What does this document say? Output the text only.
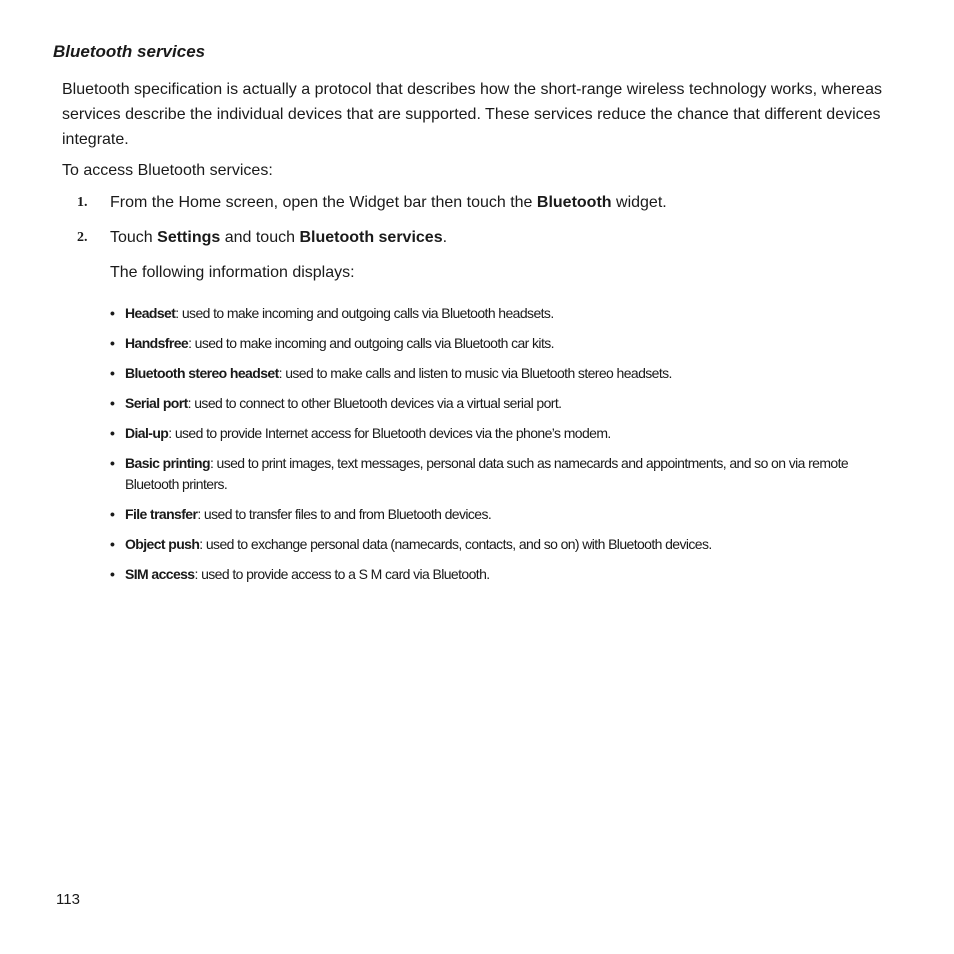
Bluetooth services

Bluetooth specification is actually a protocol that describes how the short-range wireless technology works, whereas services describe the individual devices that are supported. These services reduce the chance that different devices integrate.

To access Bluetooth services:

1. From the Home screen, open the Widget bar then touch the Bluetooth widget.
2. Touch Settings and touch Bluetooth services.

The following information displays:

• Headset: used to make incoming and outgoing calls via Bluetooth headsets.
• Handsfree: used to make incoming and outgoing calls via Bluetooth car kits.
• Bluetooth stereo headset: used to make calls and listen to music via Bluetooth stereo headsets.
• Serial port: used to connect to other Bluetooth devices via a virtual serial port.
• Dial-up: used to provide Internet access for Bluetooth devices via the phone’s modem.
• Basic printing: used to print images, text messages, personal data such as namecards and appointments, and so on via remote Bluetooth printers.
• File transfer: used to transfer files to and from Bluetooth devices.
• Object push: used to exchange personal data (namecards, contacts, and so on) with Bluetooth devices.
• SIM access: used to provide access to a S M card via Bluetooth.

113
